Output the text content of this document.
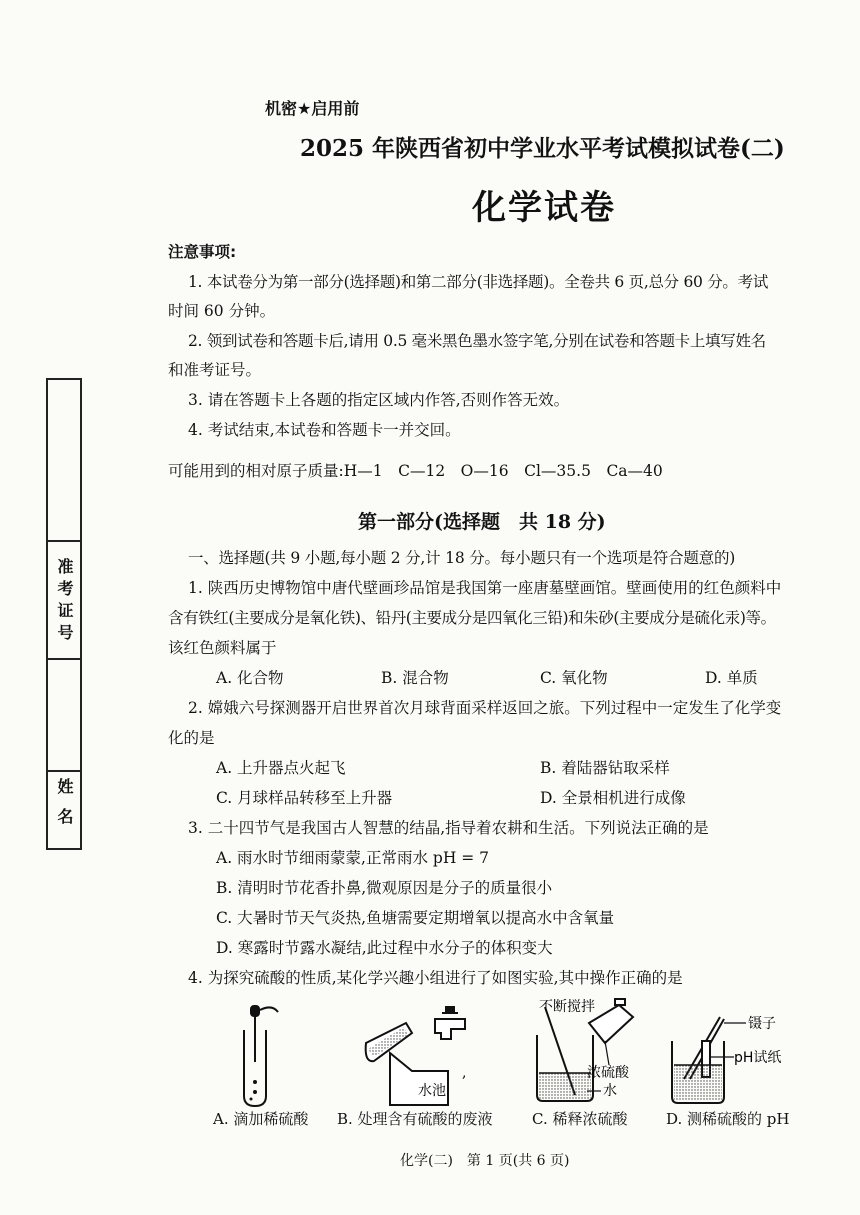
机密★启用前
2025 年陕西省初中学业水平考试模拟试卷(二)
化学试卷
注意事项:
1. 本试卷分为第一部分(选择题)和第二部分(非选择题)。全卷共 6 页,总分 60 分。考试
时间 60 分钟。
2. 领到试卷和答题卡后,请用 0.5 毫米黑色墨水签字笔,分别在试卷和答题卡上填写姓名
和准考证号。
3. 请在答题卡上各题的指定区域内作答,否则作答无效。
4. 考试结束,本试卷和答题卡一并交回。
可能用到的相对原子质量:H—1　C—12　O—16　Cl—35.5　Ca—40
准考证号
姓名
第一部分(选择题　共 18 分)
一、选择题(共 9 小题,每小题 2 分,计 18 分。每小题只有一个选项是符合题意的)
1. 陕西历史博物馆中唐代壁画珍品馆是我国第一座唐墓壁画馆。壁画使用的红色颜料中
含有铁红(主要成分是氧化铁)、铅丹(主要成分是四氧化三铅)和朱砂(主要成分是硫化汞)等。
该红色颜料属于
A. 化合物	B. 混合物	C. 氧化物	D. 单质
2. 嫦娥六号探测器开启世界首次月球背面采样返回之旅。下列过程中一定发生了化学变
化的是
A. 上升器点火起飞	B. 着陆器钻取采样
C. 月球样品转移至上升器	D. 全景相机进行成像
3. 二十四节气是我国古人智慧的结晶,指导着农耕和生活。下列说法正确的是
A. 雨水时节细雨蒙蒙,正常雨水 pH = 7
B. 清明时节花香扑鼻,微观原因是分子的质量很小
C. 大暑时节天气炎热,鱼塘需要定期增氧以提高水中含氧量
D. 寒露时节露水凝结,此过程中水分子的体积变大
4. 为探究硫酸的性质,某化学兴趣小组进行了如图实验,其中操作正确的是
水池
,
不断搅拌
浓硫酸
水
镊子
pH试纸
A. 滴加稀硫酸 B. 处理含有硫酸的废液	C. 稀释浓硫酸	D. 测稀硫酸的 pH
化学(二)　第 1 页(共 6 页)
